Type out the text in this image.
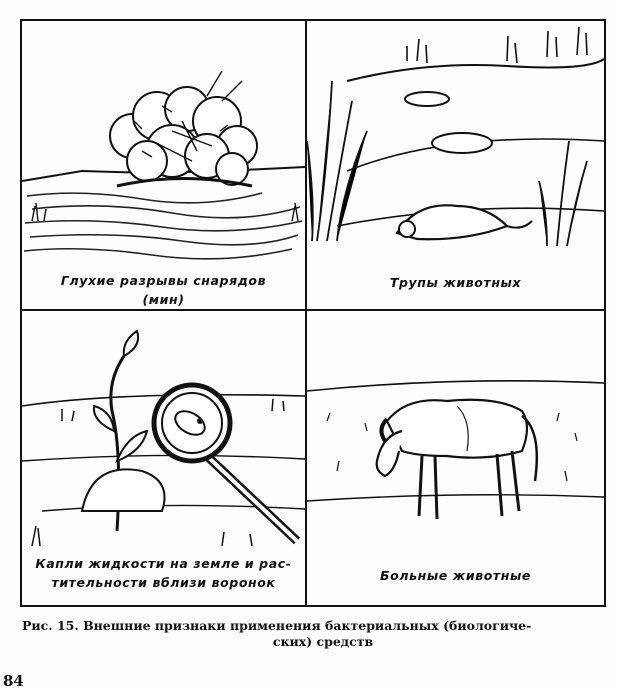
Глухие разрывы снарядов
(мин)
Трупы животных
Капли жидкости на земле и рас-
тительности вблизи воронок	Больные животные
Рис. 15. Внешние признаки применения бактериальных (биологиче-
ских) средств
84
